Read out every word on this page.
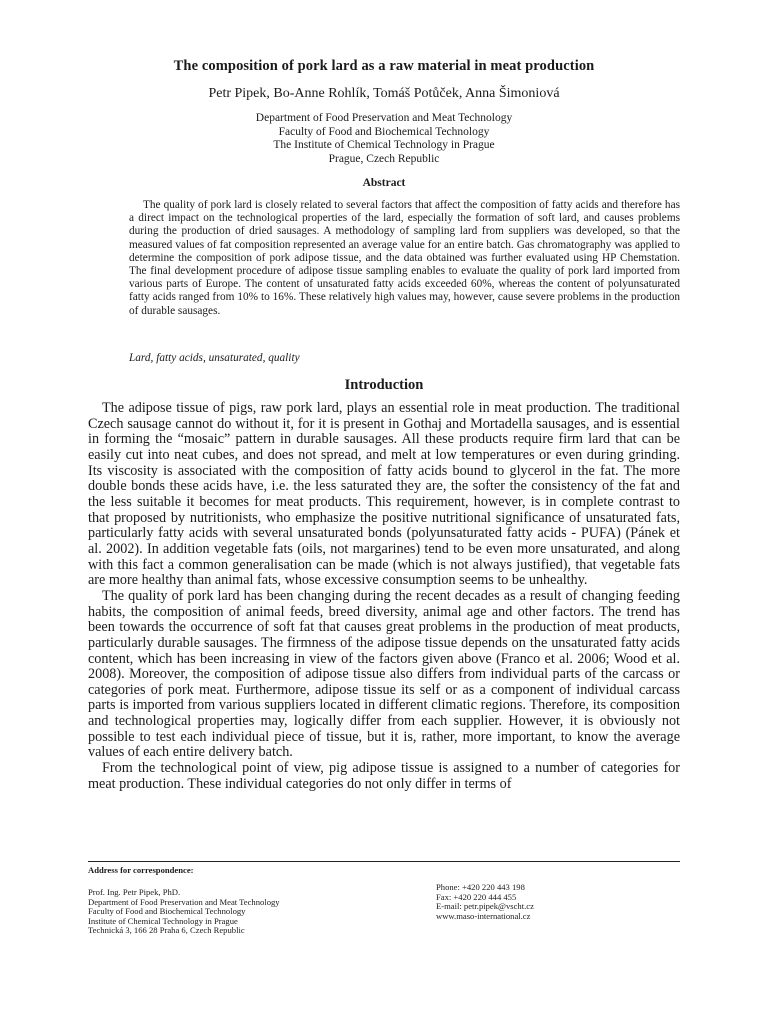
The composition of pork lard as a raw material in meat production
Petr Pipek, Bo-Anne Rohlík, Tomáš Potůček, Anna Šimoniová
Department of Food Preservation and Meat Technology
Faculty of Food and Biochemical Technology
The Institute of Chemical Technology in Prague
Prague, Czech Republic
Abstract
The quality of pork lard is closely related to several factors that affect the composition of fatty acids and therefore has a direct impact on the technological properties of the lard, especially the formation of soft lard, and causes problems during the production of dried sausages. A methodology of sampling lard from suppliers was developed, so that the measured values of fat composition represented an average value for an entire batch. Gas chromatography was applied to determine the composition of pork adipose tissue, and the data obtained was further evaluated using HP Chemstation. The final development procedure of adipose tissue sampling enables to evaluate the quality of pork lard imported from various parts of Europe. The content of unsaturated fatty acids exceeded 60%, whereas the content of polyunsaturated fatty acids ranged from 10% to 16%. These relatively high values may, however, cause severe problems in the production of durable sausages.
Lard, fatty acids, unsaturated, quality
Introduction

The adipose tissue of pigs, raw pork lard, plays an essential role in meat production. The traditional Czech sausage cannot do without it, for it is present in Gothaj and Mortadella sausages, and is essential in forming the “mosaic” pattern in durable sausages. All these products require firm lard that can be easily cut into neat cubes, and does not spread, and melt at low temperatures or even during grinding. Its viscosity is associated with the composition of fatty acids bound to glycerol in the fat. The more double bonds these acids have, i.e. the less saturated they are, the softer the consistency of the fat and the less suitable it becomes for meat products. This requirement, however, is in complete contrast to that proposed by nutritionists, who emphasize the positive nutritional significance of unsaturated fats, particularly fatty acids with several unsaturated bonds (polyunsaturated fatty acids - PUFA) (Pánek et al. 2002). In addition vegetable fats (oils, not margarines) tend to be even more unsaturated, and along with this fact a common generalisation can be made (which is not always justified), that vegetable fats are more healthy than animal fats, whose excessive consumption seems to be unhealthy.

The quality of pork lard has been changing during the recent decades as a result of changing feeding habits, the composition of animal feeds, breed diversity, animal age and other factors. The trend has been towards the occurrence of soft fat that causes great problems in the production of meat products, particularly durable sausages. The firmness of the adipose tissue depends on the unsaturated fatty acids content, which has been increasing in view of the factors given above (Franco et al. 2006; Wood et al. 2008). Moreover, the composition of adipose tissue also differs from individual parts of the carcass or categories of pork meat. Furthermore, adipose tissue its self or as a component of individual carcass parts is imported from various suppliers located in different climatic regions. Therefore, its composition and technological properties may, logically differ from each supplier. However, it is obviously not possible to test each individual piece of tissue, but it is, rather, more important, to know the average values of each entire delivery batch.

From the technological point of view, pig adipose tissue is assigned to a number of categories for meat production. These individual categories do not only differ in terms of

Address for correspondence:
Prof. Ing. Petr Pipek, PhD.
Department of Food Preservation and Meat Technology
Faculty of Food and Biochemical Technology
Institute of Chemical Technology in Prague
Technická 3, 166 28 Praha 6, Czech Republic
Phone: +420 220 443 198
Fax: +420 220 444 455
E-mail: petr.pipek@vscht.cz
www.maso-international.cz
